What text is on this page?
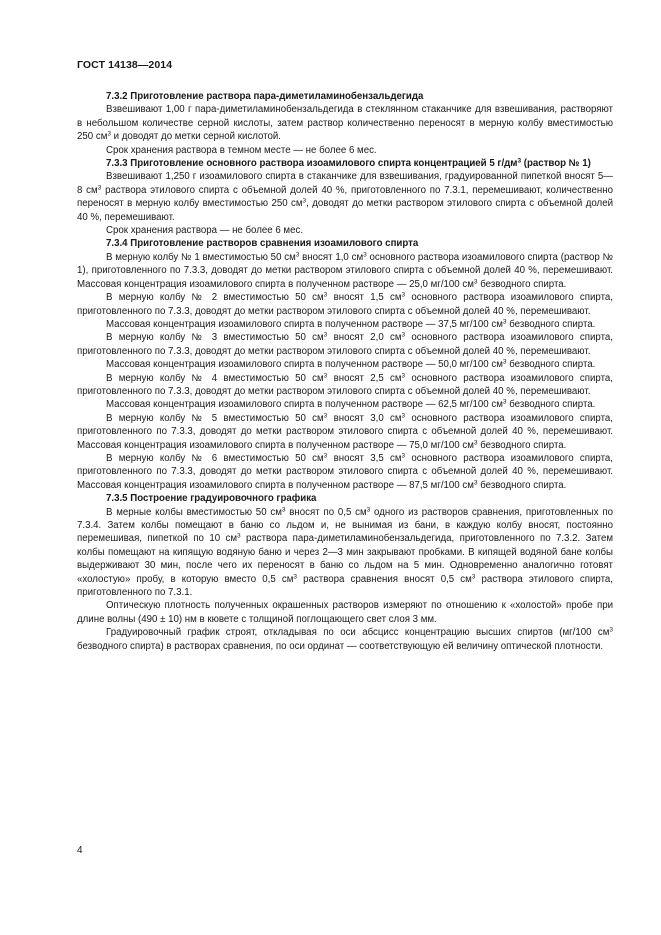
ГОСТ 14138—2014

7.3.2 Приготовление раствора пара-диметиламинобензальдегида

Взвешивают 1,00 г пара-диметиламинобензальдегида в стеклянном стаканчике для взвешивания, растворяют в небольшом количестве серной кислоты, затем раствор количественно переносят в мерную колбу вместимостью 250 $см^3$ и доводят до метки серной кислотой.

Срок хранения раствора в темном месте — не более 6 мес.

7.3.3 Приготовление основного раствора изоамилового спирта концентрацией 5 $г/дм^3$ (раствор № 1)

Взвешивают 1,250 г изоамилового спирта в стаканчике для взвешивания, градуированной пипеткой вносят 5—8 $см^3$ раствора этилового спирта с объемной долей 40 %, приготовленного по 7.3.1, перемешивают, количественно переносят в мерную колбу вместимостью 250 $см^3$, доводят до метки раствором этилового спирта с объемной долей 40 %, перемешивают.

Срок хранения раствора — не более 6 мес.

7.3.4 Приготовление растворов сравнения изоамилового спирта

В мерную колбу № 1 вместимостью 50 $см^3$ вносят 1,0 $см^3$ основного раствора изоамилового спирта (раствор № 1), приготовленного по 7.3.3, доводят до метки раствором этилового спирта с объемной долей 40 %, перемешивают. Массовая концентрация изоамилового спирта в полученном растворе — 25,0 мг/100 $см^3$ безводного спирта.

В мерную колбу № 2 вместимостью 50 $см^3$ вносят 1,5 $см^3$ основного раствора изоамилового спирта, приготовленного по 7.3.3, доводят до метки раствором этилового спирта с объемной долей 40 %, перемешивают.

Массовая концентрация изоамилового спирта в полученном растворе — 37,5 мг/100 $см^3$ безводного спирта.

В мерную колбу № 3 вместимостью 50 $см^3$ вносят 2,0 $см^3$ основного раствора изоамилового спирта, приготовленного по 7.3.3, доводят до метки раствором этилового спирта с объемной долей 40 %, перемешивают.

Массовая концентрация изоамилового спирта в полученном растворе — 50,0 мг/100 $см^3$ безводного спирта.

В мерную колбу № 4 вместимостью 50 $см^3$ вносят 2,5 $см^3$ основного раствора изоамилового спирта, приготовленного по 7.3.3, доводят до метки раствором этилового спирта с объемной долей 40 %, перемешивают.

Массовая концентрация изоамилового спирта в полученном растворе — 62,5 мг/100 $см^3$ безводного спирта.

В мерную колбу № 5 вместимостью 50 $см^3$ вносят 3,0 $см^3$ основного раствора изоамилового спирта, приготовленного по 7.3.3, доводят до метки раствором этилового спирта с объемной долей 40 %, перемешивают. Массовая концентрация изоамилового спирта в полученном растворе — 75,0 мг/100 $см^3$ безводного спирта.

В мерную колбу № 6 вместимостью 50 $см^3$ вносят 3,5 $см^3$ основного раствора изоамилового спирта, приготовленного по 7.3.3, доводят до метки раствором этилового спирта с объемной долей 40 %, перемешивают. Массовая концентрация изоамилового спирта в полученном растворе — 87,5 мг/100 $см^3$ безводного спирта.

7.3.5 Построение градуировочного графика

В мерные колбы вместимостью 50 $см^3$ вносят по 0,5 $см^3$ одного из растворов сравнения, приготовленных по 7.3.4. Затем колбы помещают в баню со льдом и, не вынимая из бани, в каждую колбу вносят, постоянно перемешивая, пипеткой по 10 $см^3$ раствора пара-диметиламинобензальдегида, приготовленного по 7.3.2. Затем колбы помещают на кипящую водяную баню и через 2—3 мин закрывают пробками. В кипящей водяной бане колбы выдерживают 30 мин, после чего их переносят в баню со льдом на 5 мин. Одновременно аналогично готовят «холостую» пробу, в которую вместо 0,5 $см^3$ раствора сравнения вносят 0,5 $см^3$ раствора этилового спирта, приготовленного по 7.3.1.

Оптическую плотность полученных окрашенных растворов измеряют по отношению к «холостой» пробе при длине волны (490 ± 10) нм в кювете с толщиной поглощающего свет слоя 3 мм.

Градуировочный график строят, откладывая по оси абсцисс концентрацию высших спиртов (мг/100 $см^3$ безводного спирта) в растворах сравнения, по оси ординат — соответствующую ей величину оптической плотности.

4
